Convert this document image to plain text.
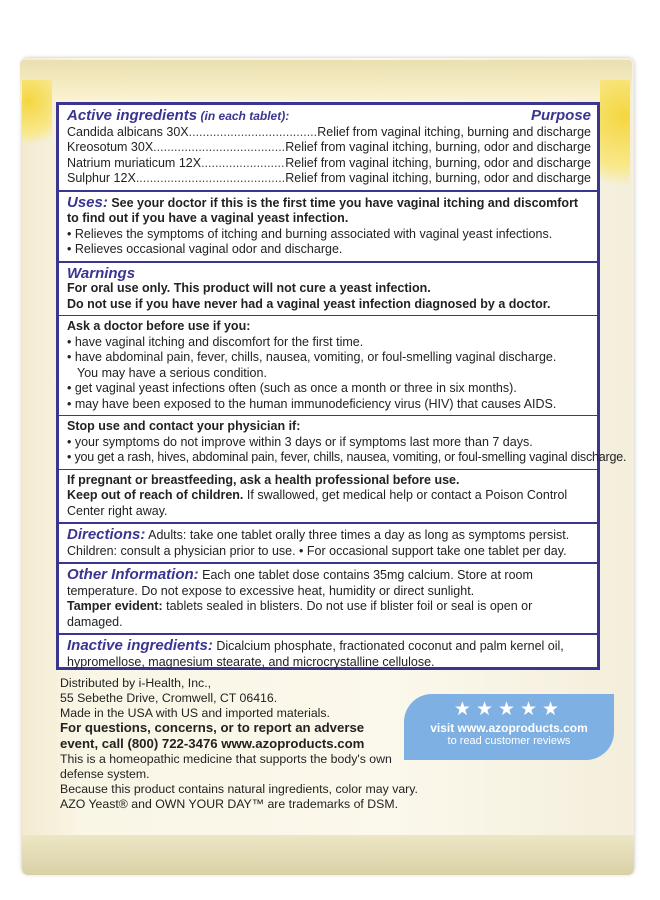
Active ingredients (in each tablet):	Purpose
Candida albicans 30X .....	Relief from vaginal itching, burning and discharge
Kreosotum 30X .....	Relief from vaginal itching, burning, odor and discharge
Natrium muriaticum 12X .....	Relief from vaginal itching, burning, odor and discharge
Sulphur 12X .....	Relief from vaginal itching, burning, odor and discharge
Uses: See your doctor if this is the first time you have vaginal itching and discomfort to find out if you have a vaginal yeast infection.
• Relieves the symptoms of itching and burning associated with vaginal yeast infections.
• Relieves occasional vaginal odor and discharge.
Warnings
For oral use only. This product will not cure a yeast infection.
Do not use if you have never had a vaginal yeast infection diagnosed by a doctor.
Ask a doctor before use if you:
• have vaginal itching and discomfort for the first time.
• have abdominal pain, fever, chills, nausea, vomiting, or foul-smelling vaginal discharge.
You may have a serious condition.
• get vaginal yeast infections often (such as once a month or three in six months).
• may have been exposed to the human immunodeficiency virus (HIV) that causes AIDS.
Stop use and contact your physician if:
• your symptoms do not improve within 3 days or if symptoms last more than 7 days.
• you get a rash, hives, abdominal pain, fever, chills, nausea, vomiting, or foul-smelling vaginal discharge.
If pregnant or breastfeeding, ask a health professional before use.
Keep out of reach of children. If swallowed, get medical help or contact a Poison Control Center right away.
Directions: Adults: take one tablet orally three times a day as long as symptoms persist.
Children: consult a physician prior to use. • For occasional support take one tablet per day.
Other Information: Each one tablet dose contains 35mg calcium. Store at room temperature. Do not expose to excessive heat, humidity or direct sunlight.
Tamper evident: tablets sealed in blisters. Do not use if blister foil or seal is open or damaged.
Inactive ingredients: Dicalcium phosphate, fractionated coconut and palm kernel oil, hypromellose, magnesium stearate, and microcrystalline cellulose.
Distributed by i-Health, Inc.,
55 Sebethe Drive, Cromwell, CT 06416.
Made in the USA with US and imported materials.
For questions, concerns, or to report an adverse event, call (800) 722-3476 www.azoproducts.com
This is a homeopathic medicine that supports the body's own defense system.
Because this product contains natural ingredients, color may vary.
AZO Yeast® and OWN YOUR DAY™ are trademarks of DSM.
★★★★★
visit www.azoproducts.com
to read customer reviews
